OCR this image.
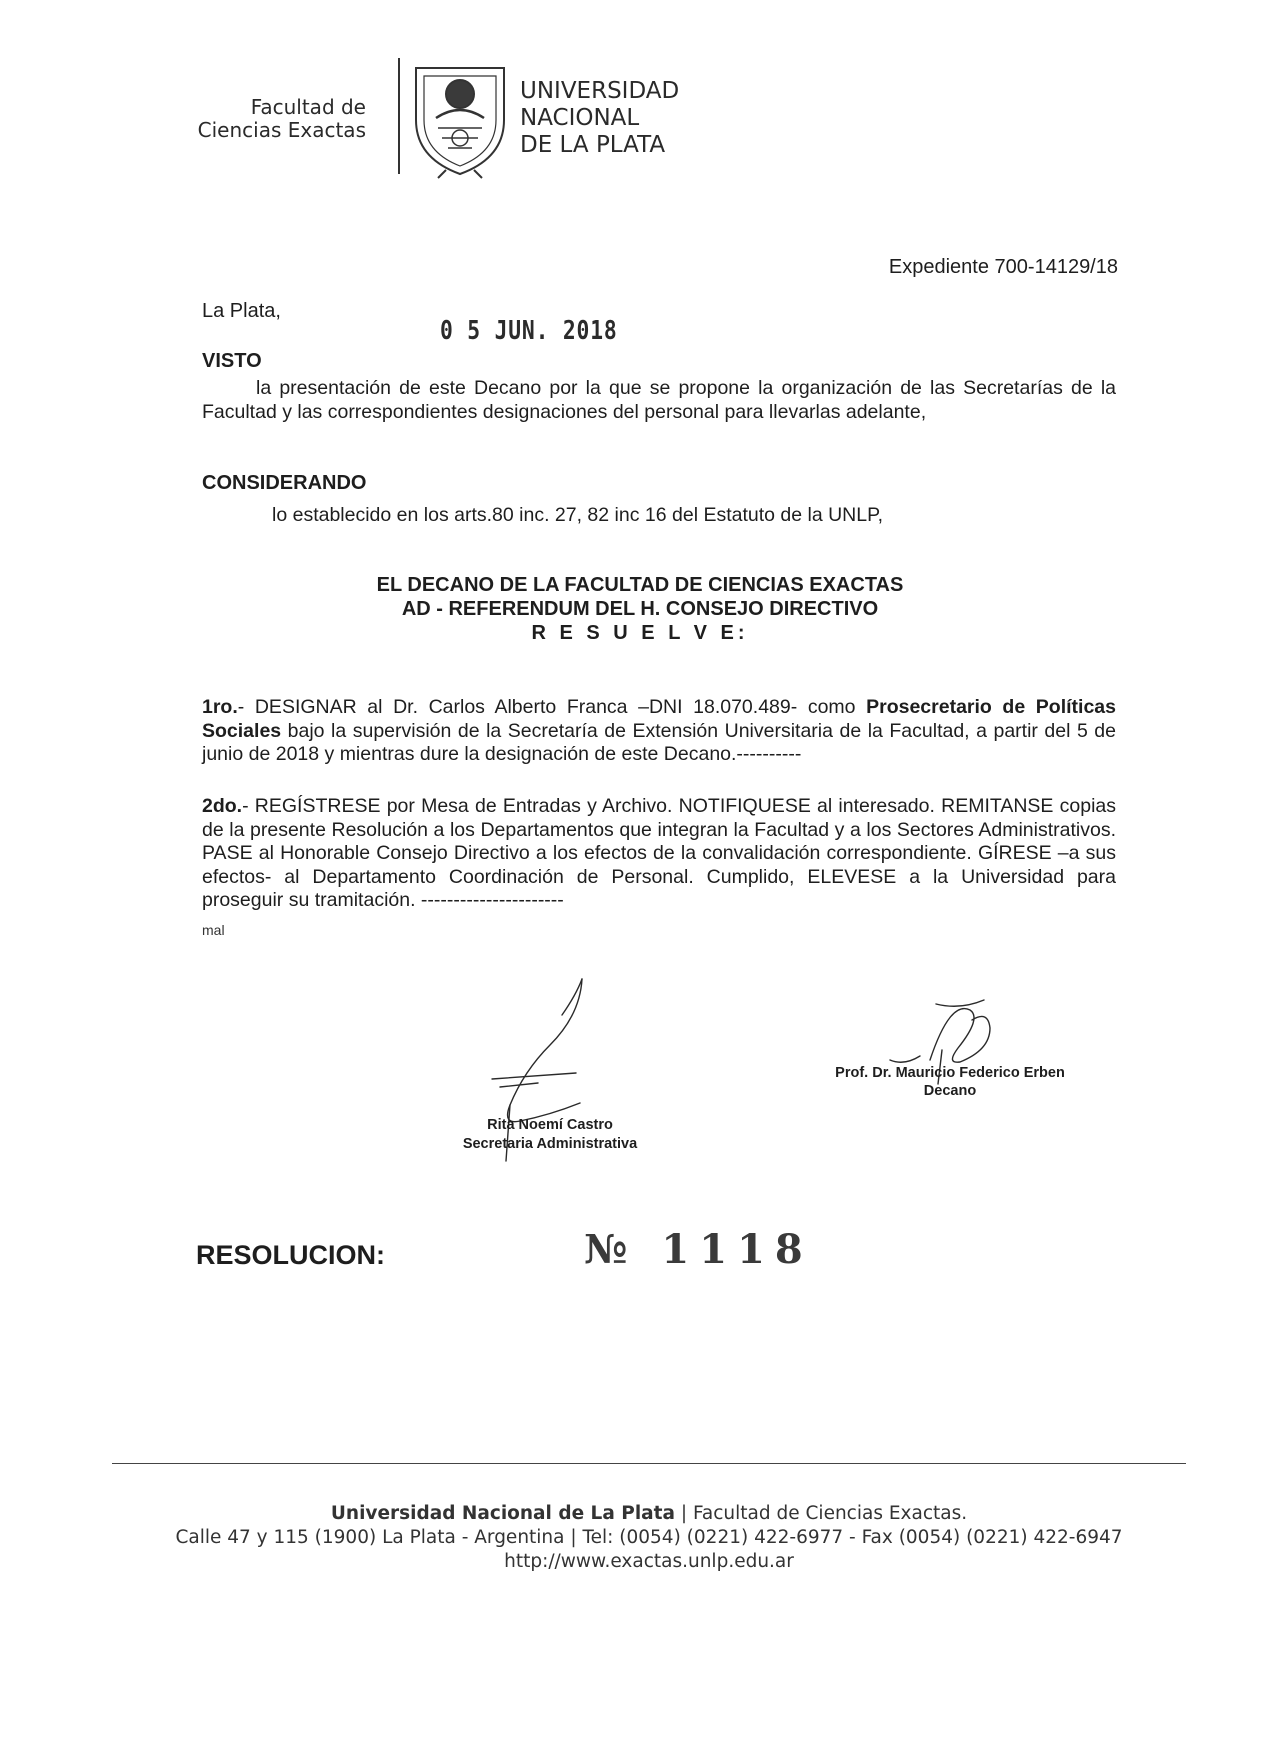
Facultad de
Ciencias Exactas
UNIVERSIDAD
NACIONAL
DE LA PLATA
Expediente 700-14129/18
La Plata,
0 5 JUN. 2018
VISTO
la presentación de este Decano por la que se propone la organización de las Secretarías de la Facultad y las correspondientes designaciones del personal para llevarlas adelante,
CONSIDERANDO
lo establecido en los arts.80 inc. 27, 82 inc 16 del Estatuto de la UNLP,
EL DECANO DE LA FACULTAD DE CIENCIAS EXACTAS
AD - REFERENDUM DEL H. CONSEJO DIRECTIVO
R E S U E L V E:
1ro.- DESIGNAR al Dr. Carlos Alberto Franca –DNI 18.070.489- como Prosecretario de Políticas Sociales bajo la supervisión de la Secretaría de Extensión Universitaria de la Facultad, a partir del 5 de junio de 2018 y mientras dure la designación de este Decano.----------
2do.- REGÍSTRESE por Mesa de Entradas y Archivo. NOTIFIQUESE al interesado. REMITANSE copias de la presente Resolución a los Departamentos que integran la Facultad y a los Sectores Administrativos. PASE al Honorable Consejo Directivo a los efectos de la convalidación correspondiente. GÍRESE –a sus efectos- al Departamento Coordinación de Personal. Cumplido, ELEVESE a la Universidad para proseguir su tramitación. ----------------------
mal
Prof. Dr. Mauricio Federico Erben
Decano
Rita Noemí Castro
Secretaria Administrativa
RESOLUCION:	№ 1118
Universidad Nacional de La Plata | Facultad de Ciencias Exactas.
Calle 47 y 115 (1900) La Plata - Argentina | Tel: (0054) (0221) 422-6977 - Fax (0054) (0221) 422-6947
http://www.exactas.unlp.edu.ar
